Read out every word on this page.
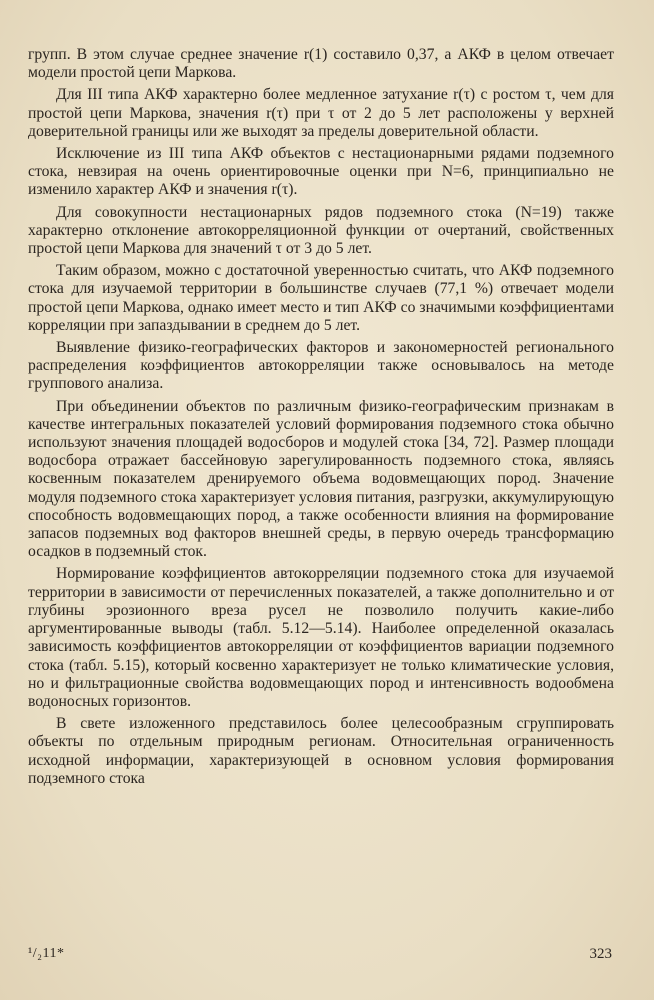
групп. В этом случае среднее значение r(1) составило 0,37, а АКФ в целом отвечает модели простой цепи Маркова.

Для III типа АКФ характерно более медленное затухание r(τ) с ростом τ, чем для простой цепи Маркова, значения r(τ) при τ от 2 до 5 лет расположены у верхней доверительной границы или же выходят за пределы доверительной области.

Исключение из III типа АКФ объектов с нестационарными рядами подземного стока, невзирая на очень ориентировочные оценки при N=6, принципиально не изменило характер АКФ и значения r(τ).

Для совокупности нестационарных рядов подземного стока (N=19) также характерно отклонение автокорреляционной функции от очертаний, свойственных простой цепи Маркова для значений τ от 3 до 5 лет.

Таким образом, можно с достаточной уверенностью считать, что АКФ подземного стока для изучаемой территории в большинстве случаев (77,1 %) отвечает модели простой цепи Маркова, однако имеет место и тип АКФ со значимыми коэффициентами корреляции при запаздывании в среднем до 5 лет.

Выявление физико-географических факторов и закономерностей регионального распределения коэффициентов автокорреляции также основывалось на методе группового анализа.

При объединении объектов по различным физико-географическим признакам в качестве интегральных показателей условий формирования подземного стока обычно используют значения площадей водосборов и модулей стока [34, 72]. Размер площади водосбора отражает бассейновую зарегулированность подземного стока, являясь косвенным показателем дренируемого объема водовмещающих пород. Значение модуля подземного стока характеризует условия питания, разгрузки, аккумулирующую способность водовмещающих пород, а также особенности влияния на формирование запасов подземных вод факторов внешней среды, в первую очередь трансформацию осадков в подземный сток.

Нормирование коэффициентов автокорреляции подземного стока для изучаемой территории в зависимости от перечисленных показателей, а также дополнительно и от глубины эрозионного вреза русел не позволило получить какие-либо аргументированные выводы (табл. 5.12—5.14). Наиболее определенной оказалась зависимость коэффициентов автокорреляции от коэффициентов вариации подземного стока (табл. 5.15), который косвенно характеризует не только климатические условия, но и фильтрационные свойства водовмещающих пород и интенсивность водообмена водоносных горизонтов.

В свете изложенного представилось более целесообразным сгруппировать объекты по отдельным природным регионам. Относительная ограниченность исходной информации, характеризующей в основном условия формирования подземного стока

¹/₂11*	323
